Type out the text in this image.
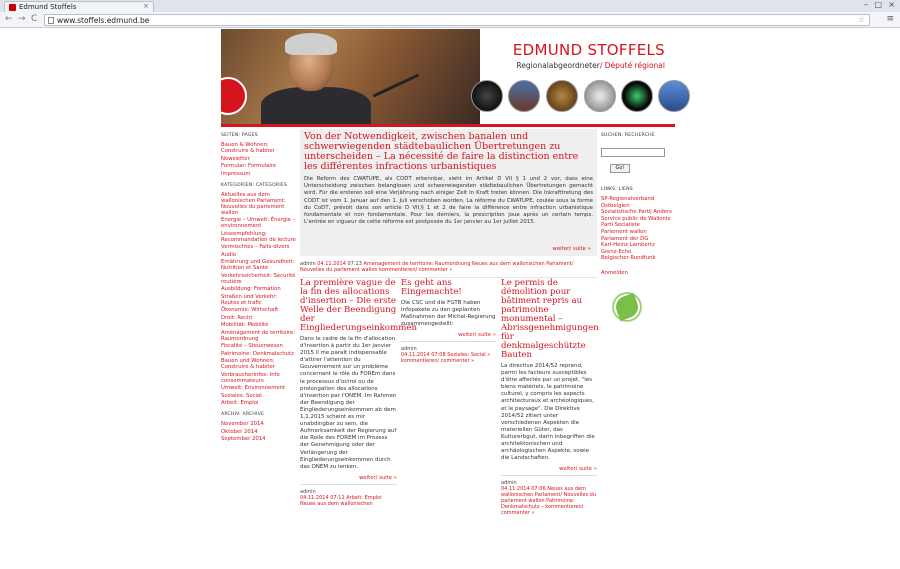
Edmund Stoffels	×	– □ ×
← → C	www.stoffels.edmund.be	☆ ≡
EDMUND STOFFELS
Regionalabgeordneter/ Député régional
SEITEN: PAGES
Bauen & Wohnen: Construire & habiter
Newsletter
Formular: Formulaire
Impressum
KATEGORIEN: CATÉGORIES
Aktuelles aus dem wallonischen Parlament: Nouvelles du parlement wallon
Energie – Umwelt: Énergie – environnement
Leseempfehlung: Recommandation de lecture
Vermischtes – Faits-divers
Audio
Ernährung und Gesundheit: Nutrition et Santé
Verkehrssicherheit: Sécurité routière
Ausbildung: Formation
Straßen und Verkehr: Routes et trafic
Ökonomie: Wirtschaft
Droit: Recht
Mobilität: Mobilité
Aménagement de territoire: Raumordnung
Fiscalité – Steuerwesen
Patrimoine: Denkmalschutz
Bauen und Wohnen: Construire & habiter
Verbraucherinfos: Info consommateurs
Umwelt: Environnement
Soziales: Social
Arbeit: Emploi
ARCHIV: ARCHIVE
November 2014
Oktober 2014
September 2014
Von der Notwendigkeit, zwischen banalen und schwerwiegenden städtebaulichen Übertretungen zu unterscheiden – La nécessité de faire la distinction entre les différentes infractions urbanistiques
Die Reform des CWATUPE, als CODT erkennbar, sieht im Artikel D VII § 1 und 2 vor, dass eine Unterscheidung zwischen belanglosen und schwerwiegenden städtebaulichen Übertretungen gemacht wird. Für die ersteren soll eine Verjährung nach einiger Zeit in Kraft treten können. Die Inkrafttretung des CODT ist vom 1. Januar auf den 1. Juli verschoben worden. La réforme du CWATUPE, coulée sous la forme du CoDT, prévoit dans son article D VII,§ 1 et 2 de faire la différence entre infraction urbanistique fondamentale et non fondamentale. Pour les derniers, la prescription joue après un certain temps. L'entrée en vigueur de cette réforme est postposée du 1er janvier au 1er juillet 2015.
weiter/ suite »
admin 04.11.2014 07:13 Aménagement de territoire: Raumordnung Neues aus dem wallonischen Parlament/ Nouvelles du parlement wallon kommentieren/ commenter »
La première vague de la fin des allocations d'insertion – Die erste Welle der Beendigung der Eingliederungseinkommen
Dans le cadre de la fin d'allocation d'insertion à partir du 1er janvier 2015 il me paraît indispensable d'attirer l'attention du Gouvernement sur un problème concernant le rôle du FOREm dans le processus d'octroi ou de prolongation des allocations d'insertion par l'ONEM. Im Rahmen der Beendigung der Eingliederungseinkommen ab dem 1.1.2015 scheint es mir unabdingbar zu sein, die Aufmerksamkeit der Regierung auf die Rolle des FOREM im Prozess der Genehmigung oder der Verlängerung der Eingliederungseinkommen durch das ONEM zu lenken.
weiter/ suite »
admin
04.11.2014 07:11 Arbeit: Emploi
Neues aus dem wallonischen
Es geht ans Eingemachte!
Die CSC und die FGTB haben Infopakete zu den geplanten Maßnahmen der Michel-Regierung zusammengestellt:
weiter/ suite »
admin
04.11.2014 07:08 Soziales: Social »
kommentieren/ commenter »
Le permis de démolition pour bâtiment repris au patrimoine monumental – Abrissgenehmigungen für denkmalgeschützte Bauten
La directive 2014/52 reprend, parmi les facteurs susceptibles d'être affectés par un projet, "les biens matériels, le patrimoine culturel, y compris les aspects architecturaux et archéologiques, et le paysage". Die Direktive 2014/52 zitiert unter verschiedenen Aspekten die materiellen Güter, das Kulturerbgut, darin inbegriffen die architektonischen und archäologischen Aspekte, sowie die Landschaften.
weiter/ suite »
admin
04.11.2014 07:06 Neues aus dem wallonischen Parlament/ Nouvelles du parlement wallon Patrimoine: Denkmalschutz – kommentieren/ commenter »
SUCHEN: RECHERCHE
Go!
LINKS: LIENS
SP-Regionalverband Ostbelgien
Sozialistische Partij Anders
Service public de Wallonie
Parti Socialiste
Parlement wallon
Parlament der DG
Karl-Heinz Lambertz
Grenz-Echo
Belgischer Rundfunk
Anmelden
